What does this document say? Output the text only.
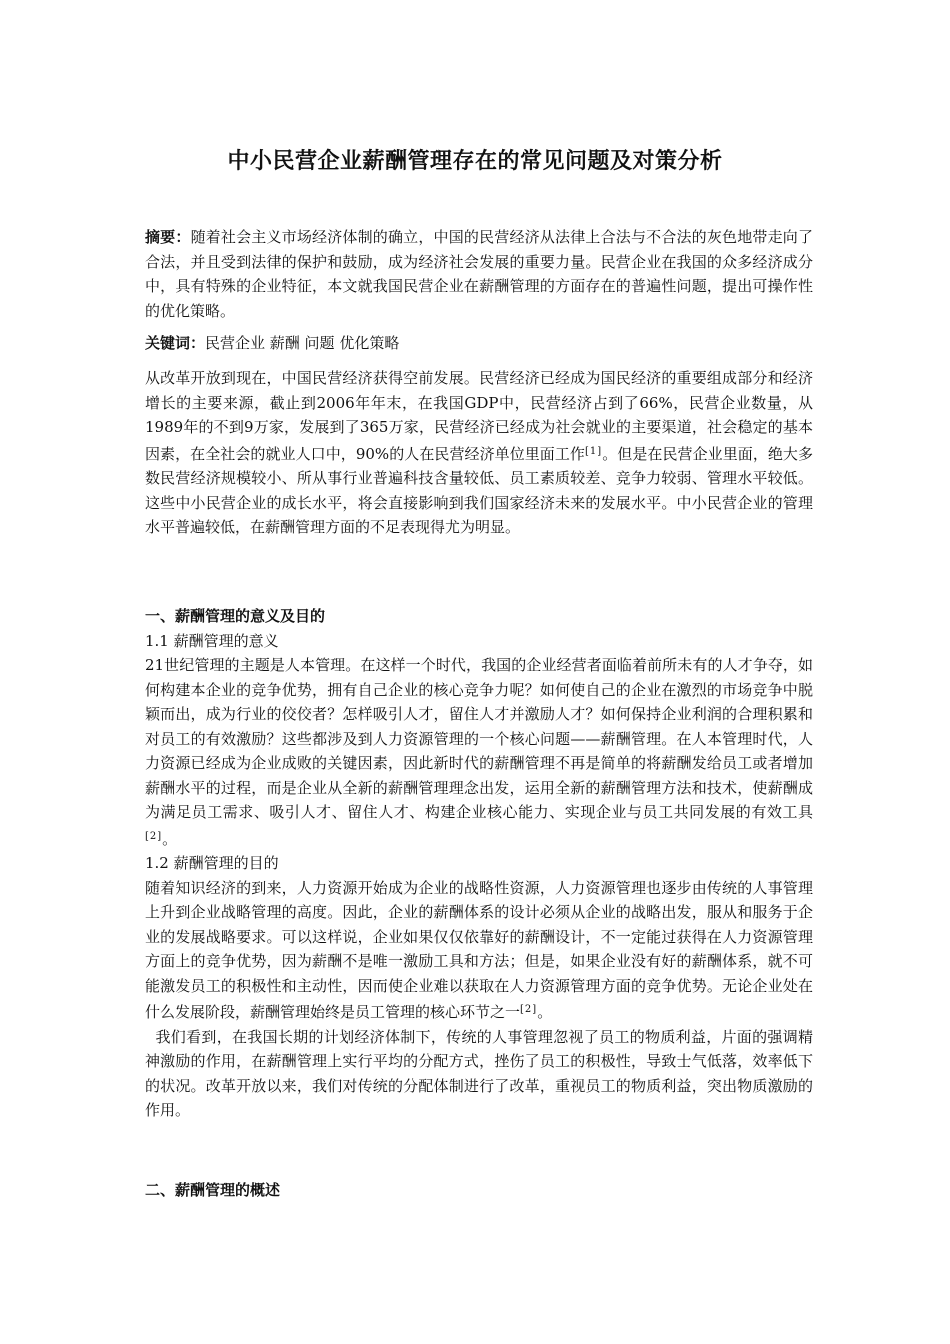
中小民营企业薪酬管理存在的常见问题及对策分析

摘要：随着社会主义市场经济体制的确立，中国的民营经济从法律上合法与不合法的灰色地带走向了合法，并且受到法律的保护和鼓励，成为经济社会发展的重要力量。民营企业在我国的众多经济成分中，具有特殊的企业特征，本文就我国民营企业在薪酬管理的方面存在的普遍性问题，提出可操作性的优化策略。

关键词：民营企业 薪酬 问题 优化策略

从改革开放到现在，中国民营经济获得空前发展。民营经济已经成为国民经济的重要组成部分和经济增长的主要来源，截止到2006年年末，在我国GDP中，民营经济占到了66%，民营企业数量，从1989年的不到9万家，发展到了365万家，民营经济已经成为社会就业的主要渠道，社会稳定的基本因素，在全社会的就业人口中，90%的人在民营经济单位里面工作[1]。但是在民营企业里面，绝大多数民营经济规模较小、所从事行业普遍科技含量较低、员工素质较差、竞争力较弱、管理水平较低。这些中小民营企业的成长水平，将会直接影响到我们国家经济未来的发展水平。中小民营企业的管理水平普遍较低，在薪酬管理方面的不足表现得尤为明显。

一、薪酬管理的意义及目的

1.1 薪酬管理的意义

21世纪管理的主题是人本管理。在这样一个时代，我国的企业经营者面临着前所未有的人才争夺，如何构建本企业的竞争优势，拥有自己企业的核心竞争力呢？如何使自己的企业在激烈的市场竞争中脱颖而出，成为行业的佼佼者？怎样吸引人才，留住人才并激励人才？如何保持企业利润的合理积累和对员工的有效激励？这些都涉及到人力资源管理的一个核心问题——薪酬管理。在人本管理时代，人力资源已经成为企业成败的关键因素，因此新时代的薪酬管理不再是简单的将薪酬发给员工或者增加薪酬水平的过程，而是企业从全新的薪酬管理理念出发，运用全新的薪酬管理方法和技术，使薪酬成为满足员工需求、吸引人才、留住人才、构建企业核心能力、实现企业与员工共同发展的有效工具[2]。

1.2 薪酬管理的目的

随着知识经济的到来，人力资源开始成为企业的战略性资源，人力资源管理也逐步由传统的人事管理上升到企业战略管理的高度。因此，企业的薪酬体系的设计必须从企业的战略出发，服从和服务于企业的发展战略要求。可以这样说，企业如果仅仅依靠好的薪酬设计，不一定能过获得在人力资源管理方面上的竞争优势，因为薪酬不是唯一激励工具和方法；但是，如果企业没有好的薪酬体系，就不可能激发员工的积极性和主动性，因而使企业难以获取在人力资源管理方面的竞争优势。无论企业处在什么发展阶段，薪酬管理始终是员工管理的核心环节之一[2]。

我们看到，在我国长期的计划经济体制下，传统的人事管理忽视了员工的物质利益，片面的强调精神激励的作用，在薪酬管理上实行平均的分配方式，挫伤了员工的积极性，导致士气低落，效率低下的状况。改革开放以来，我们对传统的分配体制进行了改革，重视员工的物质利益，突出物质激励的作用。

二、薪酬管理的概述
